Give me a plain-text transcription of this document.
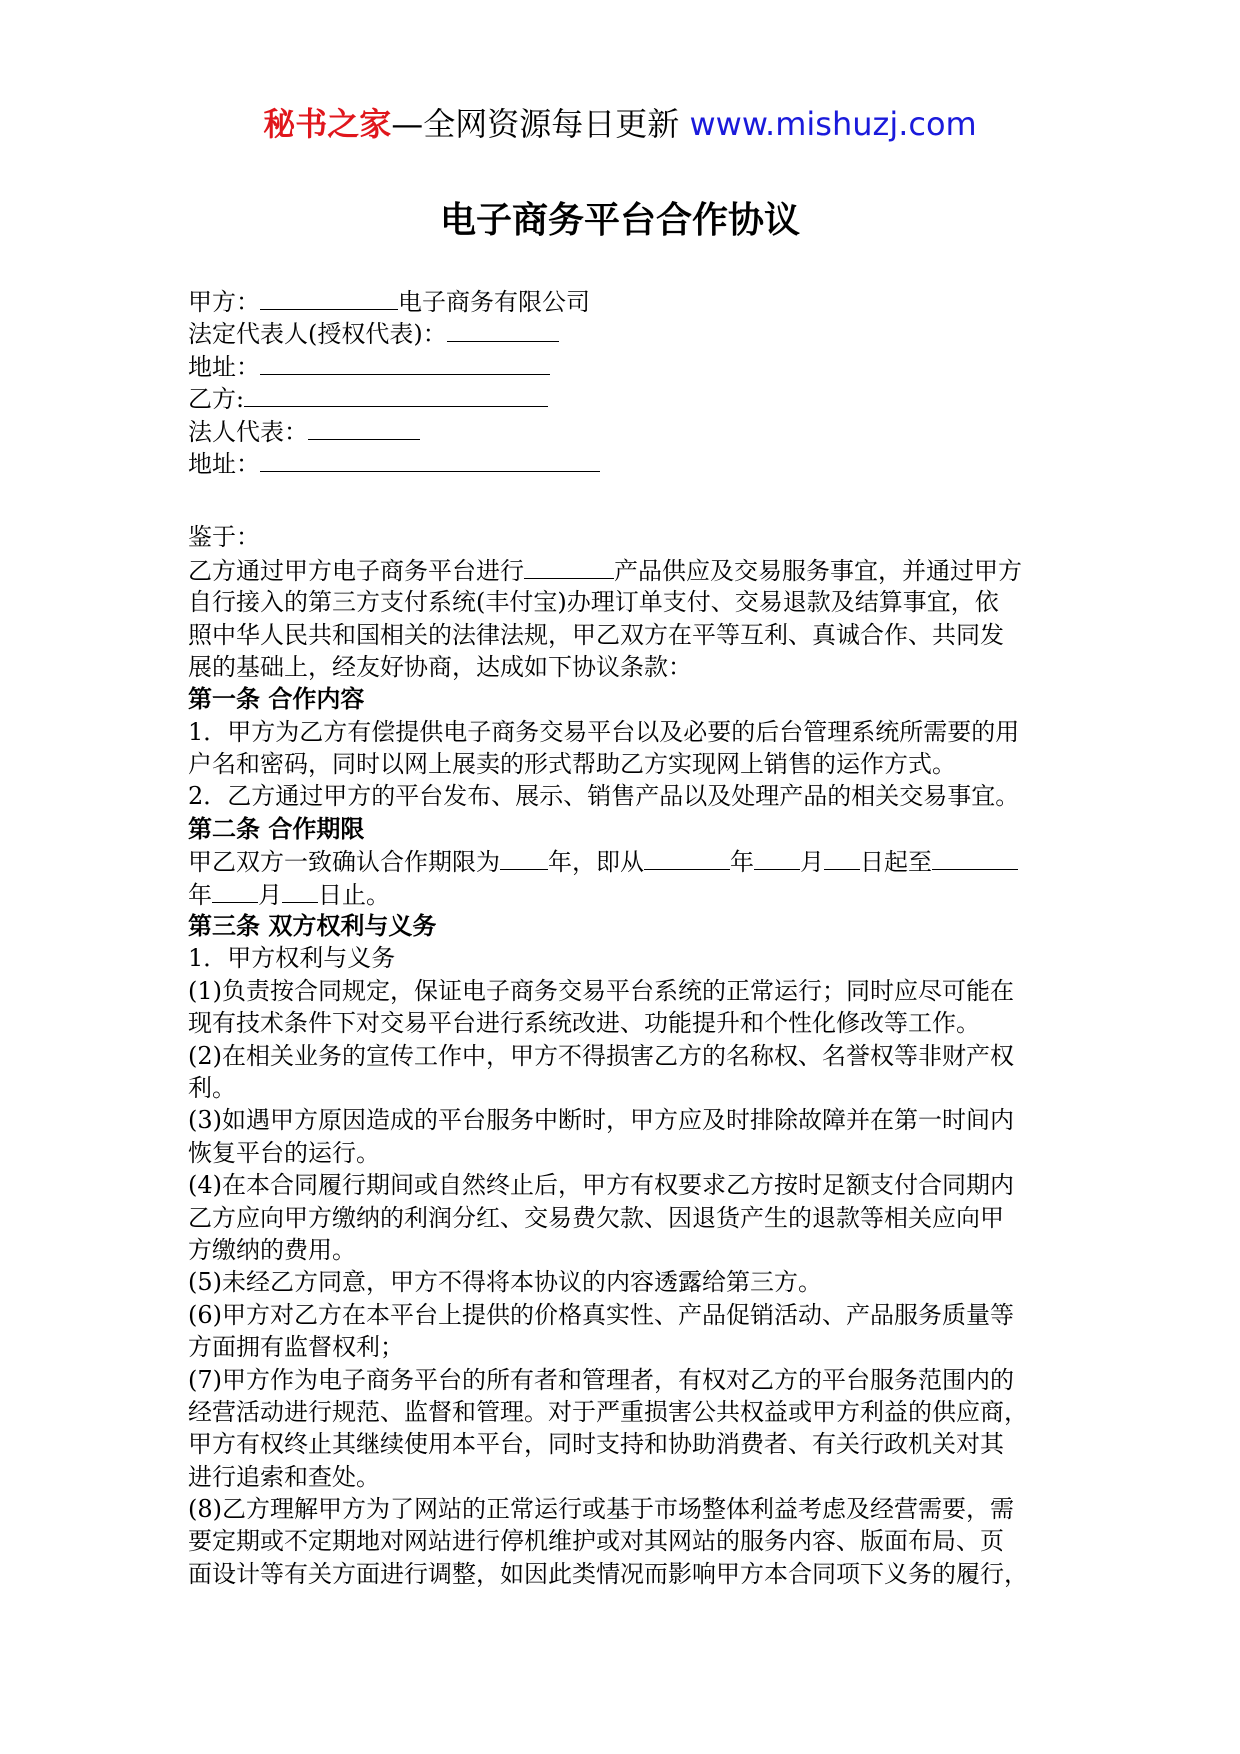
秘书之家—全网资源每日更新 www.mishuzj.com
电子商务平台合作协议
甲方：	电子商务有限公司
法定代表人(授权代表)：
地址：
乙方:
法人代表：
地址：
鉴于：
乙方通过甲方电子商务平台进行	产品供应及交易服务事宜，并通过甲方
自行接入的第三方支付系统(丰付宝)办理订单支付、交易退款及结算事宜，依
照中华人民共和国相关的法律法规，甲乙双方在平等互利、真诚合作、共同发
展的基础上，经友好协商，达成如下协议条款：
第一条 合作内容
1．甲方为乙方有偿提供电子商务交易平台以及必要的后台管理系统所需要的用
户名和密码，同时以网上展卖的形式帮助乙方实现网上销售的运作方式。
2．乙方通过甲方的平台发布、展示、销售产品以及处理产品的相关交易事宜。
第二条 合作期限
甲乙双方一致确认合作期限为 年，即从	年 月 日起至
年 月 日止。
第三条 双方权利与义务
1．甲方权利与义务
(1)负责按合同规定，保证电子商务交易平台系统的正常运行；同时应尽可能在
现有技术条件下对交易平台进行系统改进、功能提升和个性化修改等工作。
(2)在相关业务的宣传工作中，甲方不得损害乙方的名称权、名誉权等非财产权
利。
(3)如遇甲方原因造成的平台服务中断时，甲方应及时排除故障并在第一时间内
恢复平台的运行。
(4)在本合同履行期间或自然终止后，甲方有权要求乙方按时足额支付合同期内
乙方应向甲方缴纳的利润分红、交易费欠款、因退货产生的退款等相关应向甲
方缴纳的费用。
(5)未经乙方同意，甲方不得将本协议的内容透露给第三方。
(6)甲方对乙方在本平台上提供的价格真实性、产品促销活动、产品服务质量等
方面拥有监督权利；
(7)甲方作为电子商务平台的所有者和管理者，有权对乙方的平台服务范围内的
经营活动进行规范、监督和管理。对于严重损害公共权益或甲方利益的供应商，
甲方有权终止其继续使用本平台，同时支持和协助消费者、有关行政机关对其
进行追索和查处。
(8)乙方理解甲方为了网站的正常运行或基于市场整体利益考虑及经营需要，需
要定期或不定期地对网站进行停机维护或对其网站的服务内容、版面布局、页
面设计等有关方面进行调整，如因此类情况而影响甲方本合同项下义务的履行，
